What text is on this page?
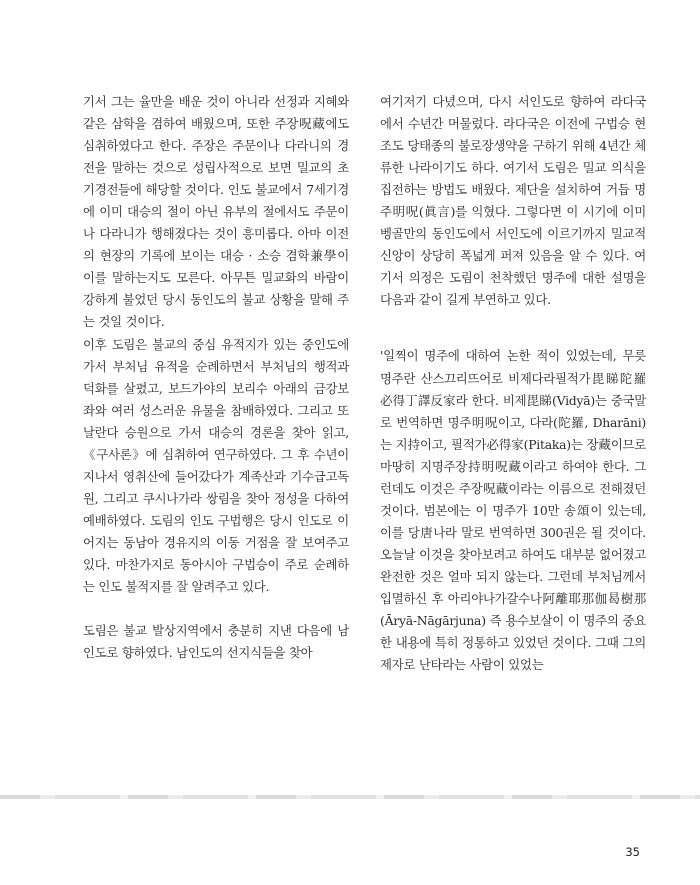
기서 그는 율만을 배운 것이 아니라 선정과 지혜와 같은 삼학을 겸하여 배웠으며, 또한 주장呪藏에도 심취하였다고 한다. 주장은 주문이나 다라니의 경전을 말하는 것으로 성립사적으로 보면 밀교의 초기경전들에 해당할 것이다. 인도 불교에서 7세기경에 이미 대승의 절이 아닌 유부의 절에서도 주문이나 다라니가 행해졌다는 것이 흥미롭다. 아마 이전의 현장의 기록에 보이는 대승 · 소승 겸학兼學이 이를 말하는지도 모른다. 아무튼 밀교화의 바람이 강하게 불었던 당시 동인도의 불교 상황을 말해 주는 것일 것이다.

이후 도림은 불교의 중심 유적지가 있는 중인도에 가서 부처님 유적을 순례하면서 부처님의 행적과 덕화를 살폈고, 보드가야의 보리수 아래의 금강보좌와 여러 성스러운 유물을 참배하였다. 그리고 또 날란다 승원으로 가서 대승의 경론을 찾아 읽고, 《구사론》에 심취하여 연구하였다. 그 후 수년이 지나서 영취산에 들어갔다가 계족산과 기수급고독원, 그리고 쿠시나가라 쌍림을 찾아 정성을 다하여 예배하였다. 도림의 인도 구법행은 당시 인도로 이어지는 동남아 경유지의 이동 거점을 잘 보여주고 있다. 마찬가지로 동아시아 구법승이 주로 순례하는 인도 불적지를 잘 알려주고 있다.

도림은 불교 발상지역에서 충분히 지낸 다음에 남인도로 향하였다. 남인도의 선지식들을 찾아

여기저기 다녔으며, 다시 서인도로 향하여 라다국에서 수년간 머물렀다. 라다국은 이전에 구법승 현조도 당태종의 불로장생약을 구하기 위해 4년간 체류한 나라이기도 하다. 여기서 도림은 밀교 의식을 집전하는 방법도 배웠다. 제단을 설치하여 거듭 명주明呪(眞言)를 익혔다. 그렇다면 이 시기에 이미 벵골만의 동인도에서 서인도에 이르기까지 밀교적 신앙이 상당히 폭넓게 퍼져 있음을 알 수 있다. 여기서 의정은 도림이 천착했던 명주에 대한 설명을 다음과 같이 길게 부연하고 있다.

'일찍이 명주에 대하여 논한 적이 있었는데, 무릇 명주란 산스끄리뜨어로 비제다라필적가毘睇陀羅必得丁譯反家라 한다. 비제毘睇(Vidyā)는 중국말로 번역하면 명주明呪이고, 다라(陀羅, Dharāni)는 지持이고, 필적가必得家(Pitaka)는 장藏이므로 마땅히 지명주장持明呪藏이라고 하여야 한다. 그런데도 이것은 주장呪藏이라는 이름으로 전해졌던 것이다. 범본에는 이 명주가 10만 송頌이 있는데, 이를 당唐나라 말로 번역하면 300권은 될 것이다. 오늘날 이것을 찾아보려고 하여도 대부분 없어졌고 완전한 것은 얼마 되지 않는다. 그런데 부처님께서 입멸하신 후 아리야나가갈수나阿離耶那伽曷樹那(Āryā-Nāgārjuna) 즉 용수보살이 이 명주의 중요한 내용에 특히 정통하고 있었던 것이다. 그때 그의 제자로 난타라는 사람이 있었는

35
